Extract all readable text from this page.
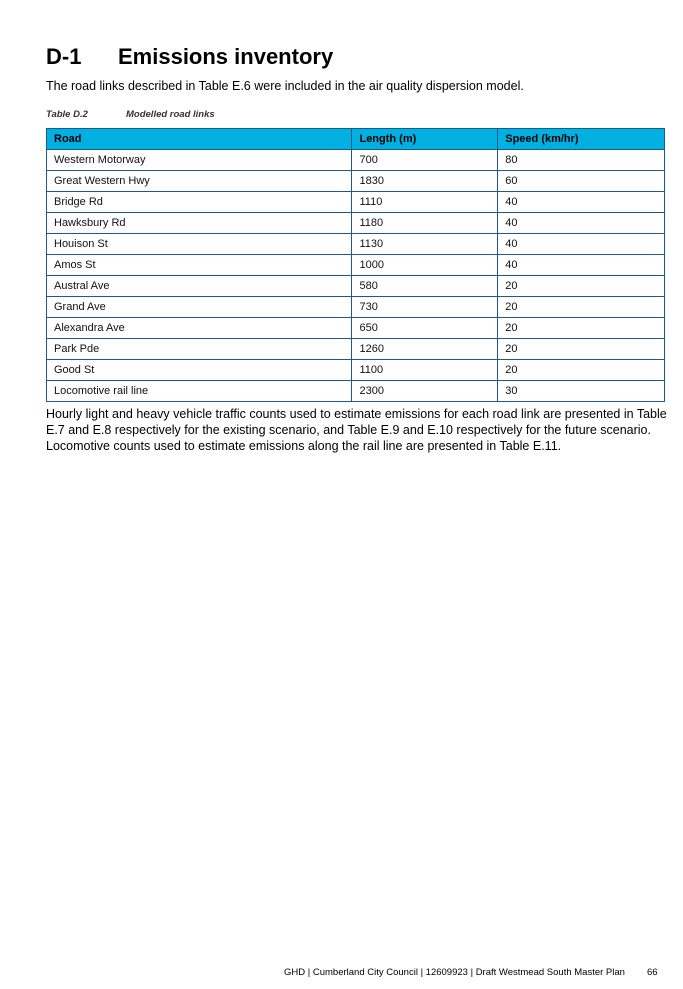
D-1 Emissions inventory
The road links described in Table E.6 were included in the air quality dispersion model.
Table D.2	Modelled road links
Road	Length (m)	Speed (km/hr)
Western Motorway	700	80
Great Western Hwy	1830	60
Bridge Rd	1110	40
Hawksbury Rd	1180	40
Houison St	1130	40
Amos St	1000	40
Austral Ave	580	20
Grand Ave	730	20
Alexandra Ave	650	20
Park Pde	1260	20
Good St	1100	20
Locomotive rail line	2300	30
Hourly light and heavy vehicle traffic counts used to estimate emissions for each road link are presented in Table E.7 and E.8 respectively for the existing scenario, and Table E.9 and E.10 respectively for the future scenario. Locomotive counts used to estimate emissions along the rail line are presented in Table E.11.
GHD | Cumberland City Council | 12609923 | Draft Westmead South Master Plan 66
